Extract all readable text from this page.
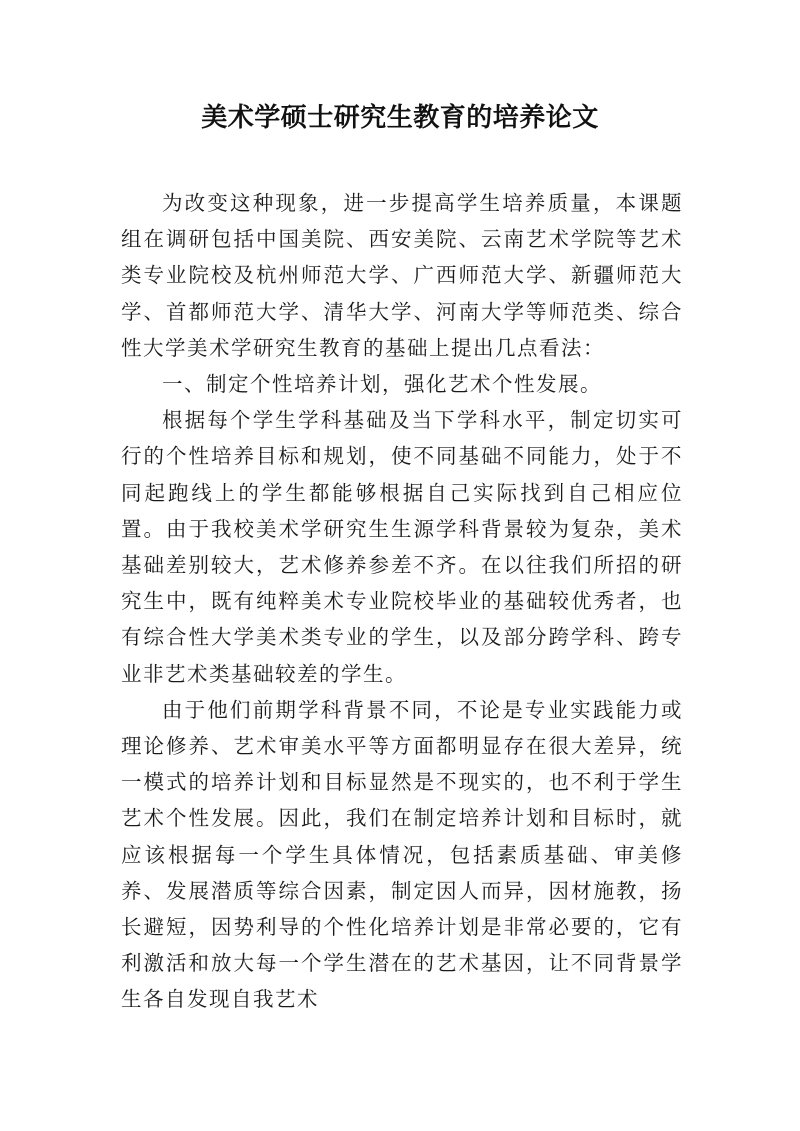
美术学硕士研究生教育的培养论文

为改变这种现象，进一步提高学生培养质量，本课题组在调研包括中国美院、西安美院、云南艺术学院等艺术类专业院校及杭州师范大学、广西师范大学、新疆师范大学、首都师范大学、清华大学、河南大学等师范类、综合性大学美术学研究生教育的基础上提出几点看法：

一、制定个性培养计划，强化艺术个性发展。

根据每个学生学科基础及当下学科水平，制定切实可行的个性培养目标和规划，使不同基础不同能力，处于不同起跑线上的学生都能够根据自己实际找到自己相应位置。由于我校美术学研究生生源学科背景较为复杂，美术基础差别较大，艺术修养参差不齐。在以往我们所招的研究生中，既有纯粹美术专业院校毕业的基础较优秀者，也有综合性大学美术类专业的学生，以及部分跨学科、跨专业非艺术类基础较差的学生。

由于他们前期学科背景不同，不论是专业实践能力或理论修养、艺术审美水平等方面都明显存在很大差异，统一模式的培养计划和目标显然是不现实的，也不利于学生艺术个性发展。因此，我们在制定培养计划和目标时，就应该根据每一个学生具体情况，包括素质基础、审美修养、发展潜质等综合因素，制定因人而异，因材施教，扬长避短，因势利导的个性化培养计划是非常必要的，它有利激活和放大每一个学生潜在的艺术基因，让不同背景学生各自发现自我艺术
